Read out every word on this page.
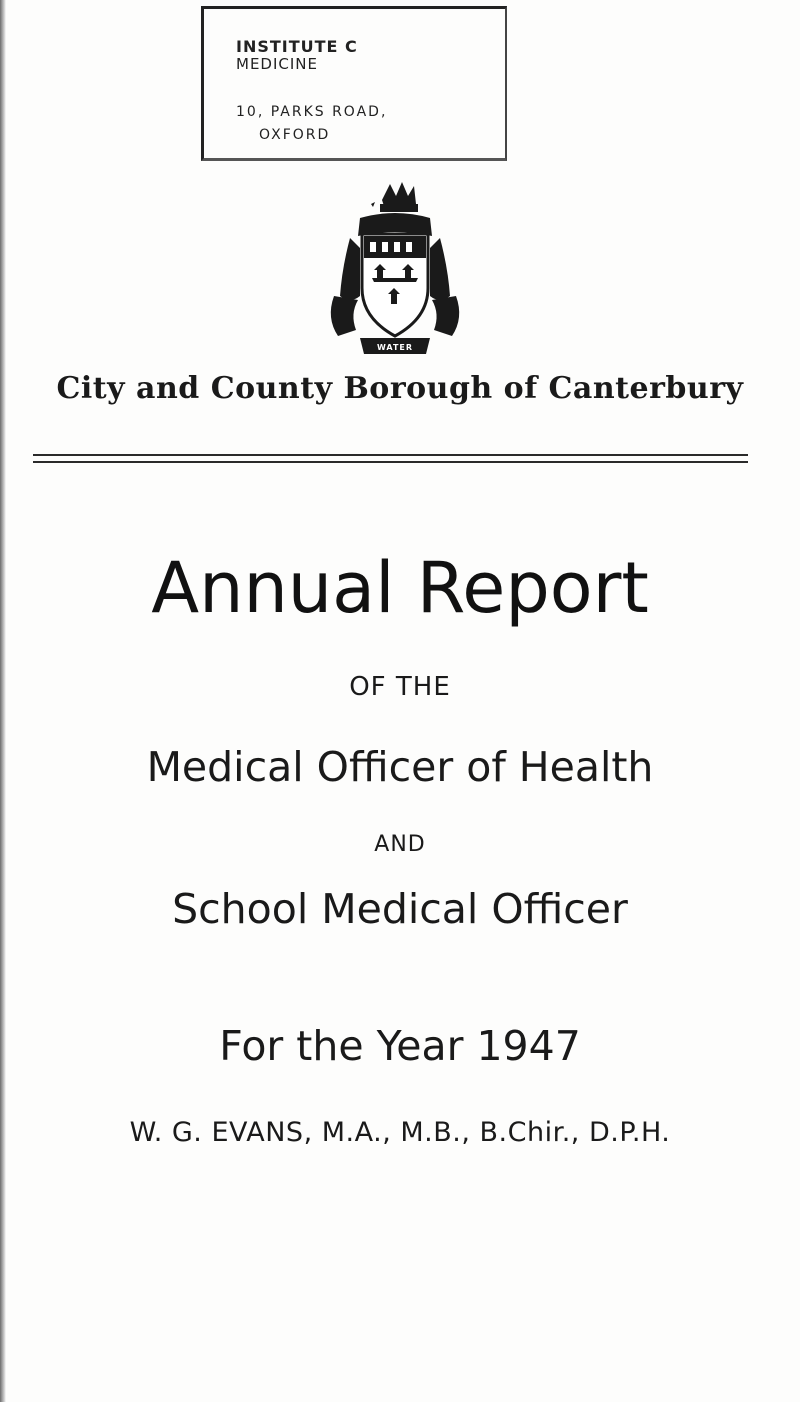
INSTITUTE C
MEDICINE
10, PARKS ROAD,
OXFORD
WATER
City and County Borough of Canterbury
Annual Report
OF THE
Medical Officer of Health
AND
School Medical Officer
For the Year 1947
W. G. EVANS, M.A., M.B., B.Chir., D.P.H.
